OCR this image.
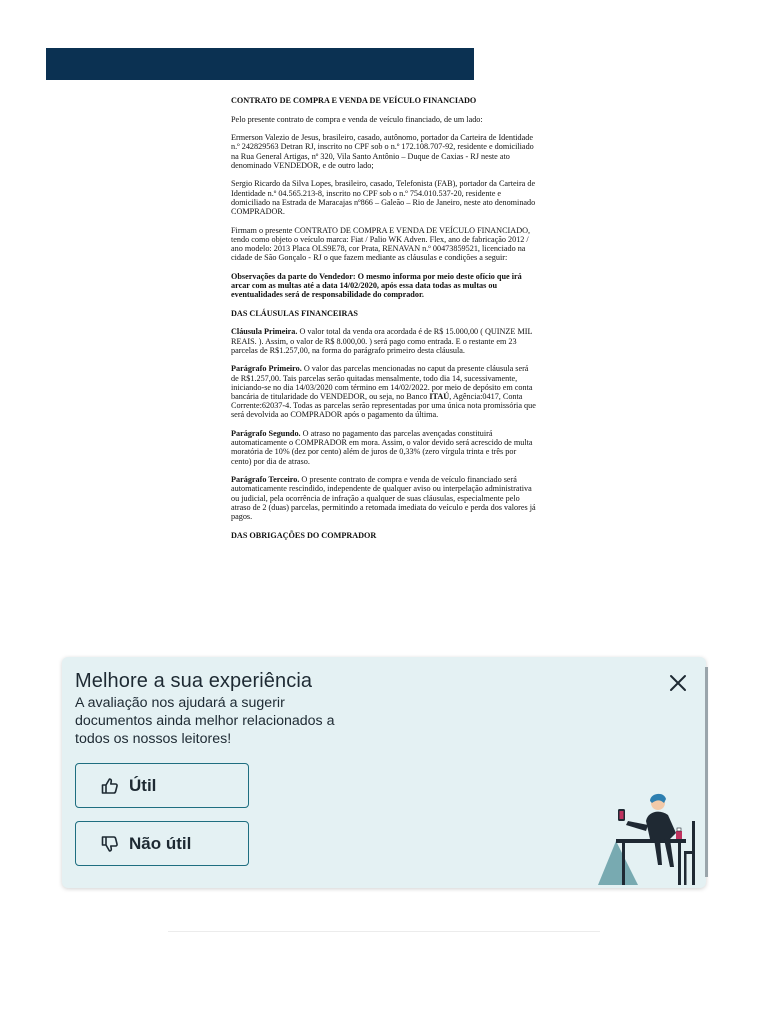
CONTRATO DE COMPRA E VENDA DE VEÍCULO FINANCIADO

Pelo presente contrato de compra e venda de veículo financiado, de um lado:

Ermerson Valezio de Jesus, brasileiro, casado, autônomo, portador da Carteira de Identidade n.º 242829563 Detran RJ, inscrito no CPF sob o n.º 172.108.707-92, residente e domiciliado na Rua General Artigas, nº 320, Vila Santo Antônio – Duque de Caxias - RJ neste ato denominado VENDEDOR, e de outro lado;

Sergio Ricardo da Silva Lopes, brasileiro, casado, Telefonista (FAB), portador da Carteira de Identidade n.º 04.565.213-8, inscrito no CPF sob o n.º 754.010.537-20, residente e domiciliado na Estrada de Maracajas nº866 – Galeão – Rio de Janeiro, neste ato denominado COMPRADOR.

Firmam o presente CONTRATO DE COMPRA E VENDA DE VEÍCULO FINANCIADO, tendo como objeto o veículo marca: Fiat / Palio WK Adven. Flex, ano de fabricação 2012 / ano modelo: 2013 Placa OLS9E78, cor Prata, RENAVAN n.º 00473859521, licenciado na cidade de São Gonçalo - RJ o que fazem mediante as cláusulas e condições a seguir:

Observações da parte do Vendedor: O mesmo informa por meio deste ofício que irá arcar com as multas até a data 14/02/2020, após essa data todas as multas ou eventualidades será de responsabilidade do comprador.

DAS CLÁUSULAS FINANCEIRAS

Cláusula Primeira. O valor total da venda ora acordada é de R$ 15.000,00 ( QUINZE MIL REAIS. ). Assim, o valor de R$ 8.000,00. ) será pago como entrada. E o restante em 23 parcelas de R$1.257,00, na forma do parágrafo primeiro desta cláusula.

Parágrafo Primeiro. O valor das parcelas mencionadas no caput da presente cláusula será de R$1.257,00. Tais parcelas serão quitadas mensalmente, todo dia 14, sucessivamente, iniciando-se no dia 14/03/2020 com término em 14/02/2022. por meio de depósito em conta bancária de titularidade do VENDEDOR, ou seja, no Banco ITAÚ, Agência:0417, Conta Corrente:62037-4. Todas as parcelas serão representadas por uma única nota promissória que será devolvida ao COMPRADOR após o pagamento da última.

Parágrafo Segundo. O atraso no pagamento das parcelas avençadas constituirá automaticamente o COMPRADOR em mora. Assim, o valor devido será acrescido de multa moratória de 10% (dez por cento) além de juros de 0,33% (zero vírgula trinta e três por cento) por dia de atraso.

Parágrafo Terceiro. O presente contrato de compra e venda de veículo financiado será automaticamente rescindido, independente de qualquer aviso ou interpelação administrativa ou judicial, pela ocorrência de infração a qualquer de suas cláusulas, especialmente pelo atraso de 2 (duas) parcelas, permitindo a retomada imediata do veículo e perda dos valores já pagos.

DAS OBRIGAÇÕES DO COMPRADOR

Melhore a sua experiência
A avaliação nos ajudará a sugerir documentos ainda melhor relacionados a todos os nossos leitores!
Útil
Não útil
